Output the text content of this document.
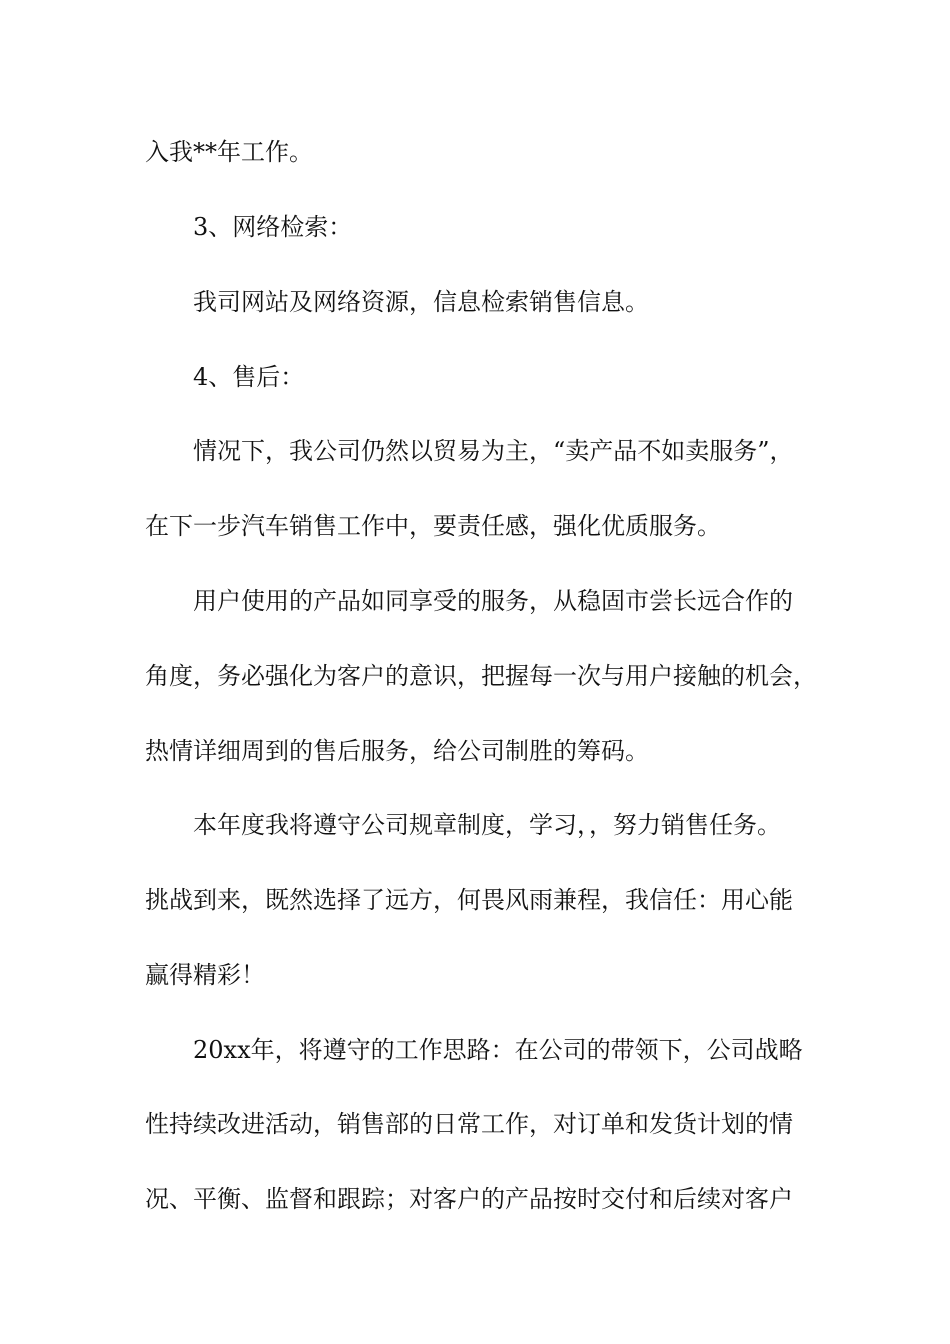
入我**年工作。
3、网络检索：
我司网站及网络资源，信息检索销售信息。
4、售后：
情况下，我公司仍然以贸易为主，“卖产品不如卖服务”，
在下一步汽车销售工作中，要责任感，强化优质服务。
用户使用的产品如同享受的服务，从稳固市尝长远合作的
角度，务必强化为客户的意识，把握每一次与用户接触的机会，
热情详细周到的售后服务，给公司制胜的筹码。
本年度我将遵守公司规章制度，学习，，努力销售任务。
挑战到来，既然选择了远方，何畏风雨兼程，我信任：用心能
赢得精彩！
20xx年，将遵守的工作思路：在公司的带领下，公司战略
性持续改进活动，销售部的日常工作，对订单和发货计划的情
况、平衡、监督和跟踪；对客户的产品按时交付和后续对客户
